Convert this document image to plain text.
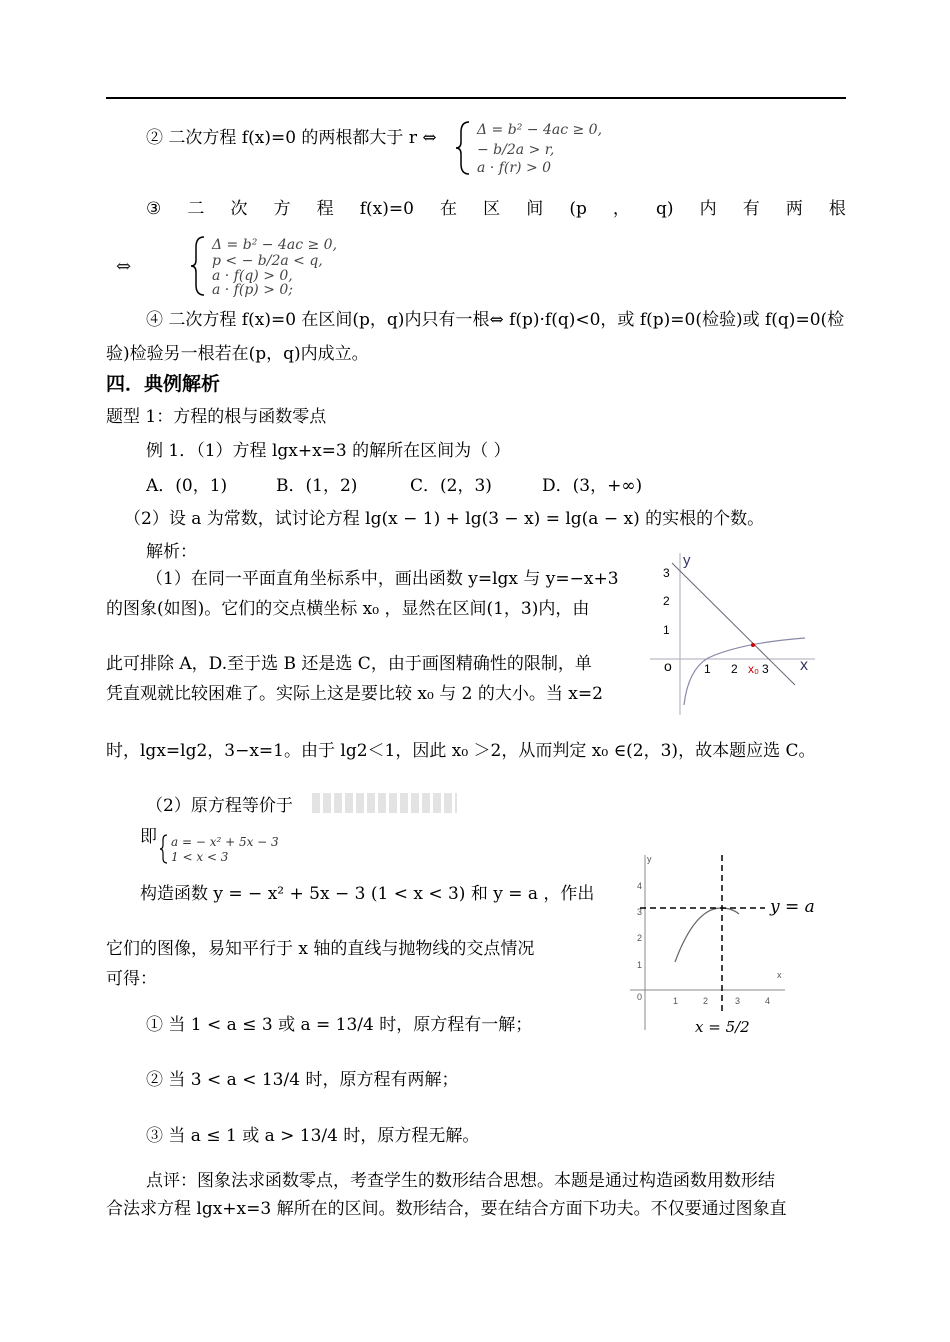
② 二次方程 f(x)=0 的两根都大于 r ⇔	Δ = b² − 4ac ≥ 0,
− b/2a > r,
a · f(r) > 0
③ 二 次 方 程 f(x)=0 在 区 间 (p ， q) 内 有 两 根
⇔
Δ = b² − 4ac ≥ 0,
p < − b/2a < q,
a · f(q) > 0,
a · f(p) > 0;
④ 二次方程 f(x)=0 在区间(p，q)内只有一根⇔ f(p)·f(q)<0，或 f(p)=0(检验)或 f(q)=0(检
验)检验另一根若在(p，q)内成立。
四．典例解析
题型 1：方程的根与函数零点
例 1．（1）方程 lgx+x=3 的解所在区间为（ ）
A．(0，1)	B．(1，2)	C．(2，3)	D．(3，+∞)
（2）设 a 为常数，试讨论方程 lg(x − 1) + lg(3 − x) = lg(a − x) 的实根的个数。
解析：
（1）在同一平面直角坐标系中，画出函数 y=lgx 与 y=−x+3
的图象(如图)。它们的交点横坐标 x₀ ，显然在区间(1，3)内，由
此可排除 A，D.至于选 B 还是选 C，由于画图精确性的限制，单
凭直观就比较困难了。实际上这是要比较 x₀ 与 2 的大小。当 x=2
时，lgx=lg2，3−x=1。由于 lg2＜1，因此 x₀ ＞2，从而判定 x₀ ∈(2，3)，故本题应选 C。
y
x
o
1
2
3
1 2 x₀ 3
（2）原方程等价于
即 a = − x² + 5x − 3
1 < x < 3
构造函数 y = − x² + 5x − 3 (1 < x < 3) 和 y = a ，作出
它们的图像，易知平行于 x 轴的直线与抛物线的交点情况
可得：
y
x
0
1
2
3
4
1	2	3	4
y = a
x = 5/2
① 当 1 < a ≤ 3 或 a = 13/4 时，原方程有一解；
② 当 3 < a < 13/4 时，原方程有两解；
③ 当 a ≤ 1 或 a > 13/4 时，原方程无解。
点评：图象法求函数零点，考查学生的数形结合思想。本题是通过构造函数用数形结
合法求方程 lgx+x=3 解所在的区间。数形结合，要在结合方面下功夫。不仅要通过图象直
